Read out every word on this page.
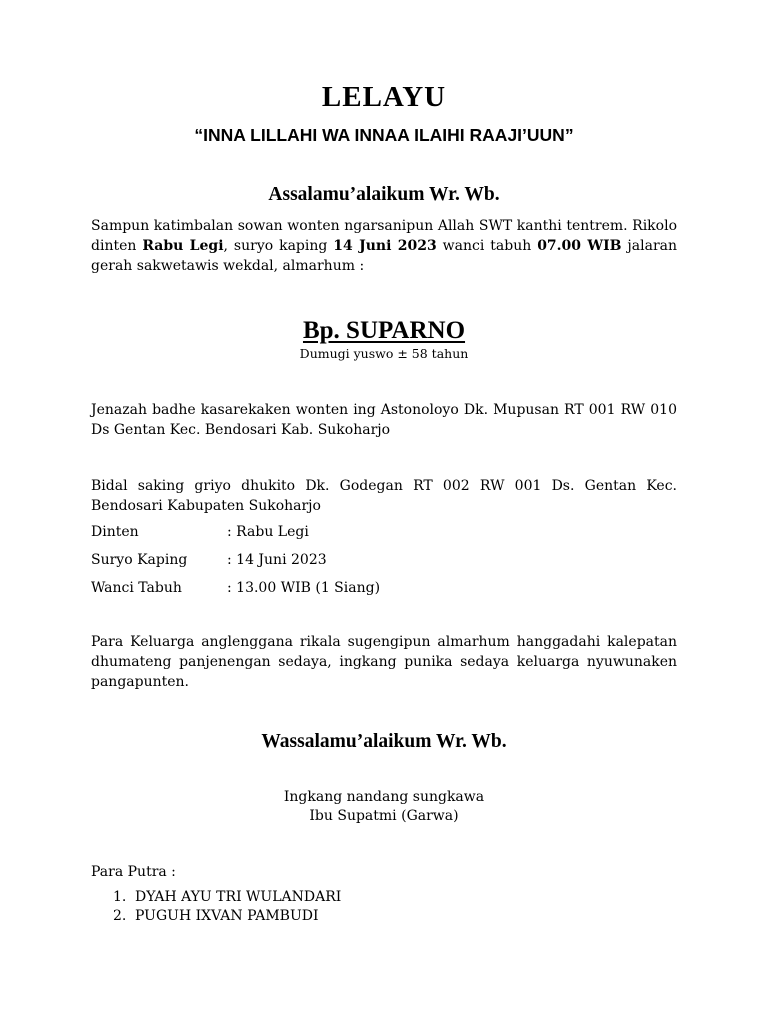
LELAYU
“INNA LILLAHI WA INNAA ILAIHI RAAJI’UUN”
Assalamu’alaikum Wr. Wb.

Sampun katimbalan sowan wonten ngarsanipun Allah SWT kanthi tentrem. Rikolo dinten Rabu Legi, suryo kaping 14 Juni 2023 wanci tabuh 07.00 WIB jalaran gerah sakwetawis wekdal, almarhum :

Bp. SUPARNO
Dumugi yuswo ± 58 tahun

Jenazah badhe kasarekaken wonten ing Astonoloyo Dk. Mupusan RT 001 RW 010 Ds Gentan Kec. Bendosari Kab. Sukoharjo

Bidal saking griyo dhukito Dk. Godegan RT 002 RW 001 Ds. Gentan Kec. Bendosari Kabupaten Sukoharjo

Dinten	: Rabu Legi
Suryo Kaping	: 14 Juni 2023
Wanci Tabuh	: 13.00 WIB (1 Siang)

Para Keluarga anglenggana rikala sugengipun almarhum hanggadahi kalepatan dhumateng panjenengan sedaya, ingkang punika sedaya keluarga nyuwunaken pangapunten.

Wassalamu’alaikum Wr. Wb.
Ingkang nandang sungkawa
Ibu Supatmi (Garwa)
Para Putra :
1. DYAH AYU TRI WULANDARI
2. PUGUH IXVAN PAMBUDI
